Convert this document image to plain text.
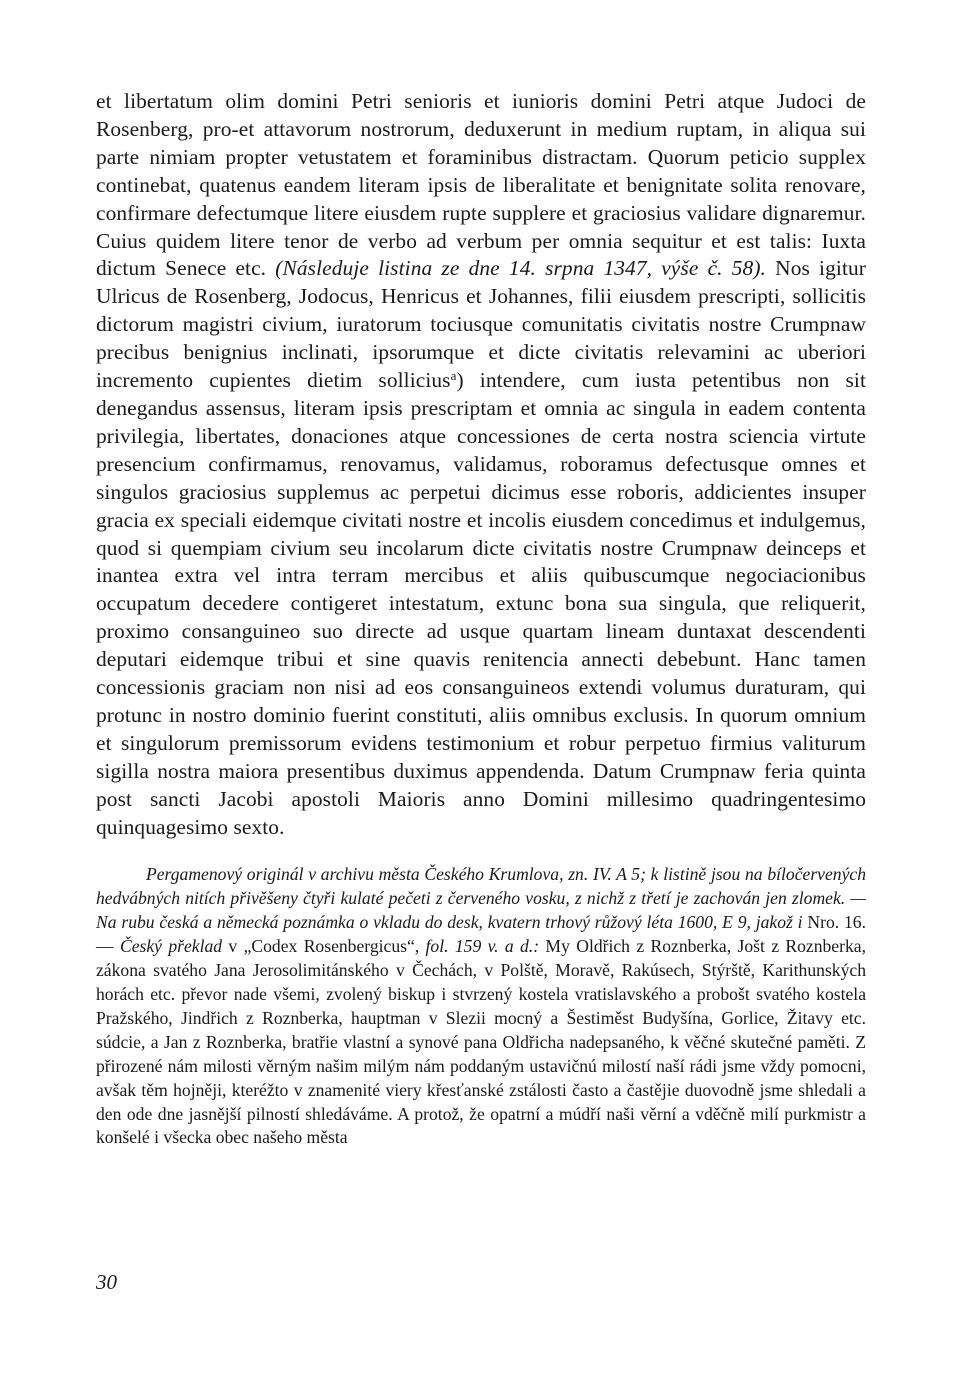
et libertatum olim domini Petri senioris et iunioris domini Petri atque Judoci de Rosenberg, pro-et attavorum nostrorum, deduxerunt in medium ruptam, in aliqua sui parte nimiam propter vetustatem et foraminibus distractam. Quorum peticio supplex continebat, quatenus eandem literam ipsis de liberalitate et benignitate solita renovare, confirmare defectumque litere eiusdem rupte supplere et graciosius validare dignaremur. Cuius quidem litere tenor de verbo ad verbum per omnia sequitur et est talis: Iuxta dictum Senece etc. (Následuje listina ze dne 14. srpna 1347, výše č. 58). Nos igitur Ulricus de Rosenberg, Jodocus, Henricus et Johannes, filii eiusdem prescripti, sollicitis dictorum magistri civium, iuratorum tociusque comunitatis civitatis nostre Crumpnaw precibus benignius inclinati, ipsorumque et dicte civitatis relevamini ac uberiori incremento cupientes dietim sollicius$^a$) intendere, cum iusta petentibus non sit denegandus assensus, literam ipsis prescriptam et omnia ac singula in eadem contenta privilegia, libertates, donaciones atque concessiones de certa nostra sciencia virtute presencium confirmamus, renovamus, validamus, roboramus defectusque omnes et singulos graciosius supplemus ac perpetui dicimus esse roboris, addicientes insuper gracia ex speciali eidemque civitati nostre et incolis eiusdem concedimus et indulgemus, quod si quempiam civium seu incolarum dicte civitatis nostre Crumpnaw deinceps et inantea extra vel intra terram mercibus et aliis quibuscumque negociacionibus occupatum decedere contigeret intestatum, extunc bona sua singula, que reliquerit, proximo consanguineo suo directe ad usque quartam lineam duntaxat descendenti deputari eidemque tribui et sine quavis renitencia annecti debebunt. Hanc tamen concessionis graciam non nisi ad eos consanguineos extendi volumus duraturam, qui protunc in nostro dominio fuerint constituti, aliis omnibus exclusis. In quorum omnium et singulorum premissorum evidens testimonium et robur perpetuo firmius valiturum sigilla nostra maiora presentibus duximus appendenda. Datum Crumpnaw feria quinta post sancti Jacobi apostoli Maioris anno Domini millesimo quadringentesimo quinquagesimo sexto.

Pergamenový originál v archivu města Českého Krumlova, zn. IV. A 5; k listině jsou na bíločervených hedvábných nitích přivěšeny čtyři kulaté pečeti z červeného vosku, z nichž z třetí je zachován jen zlomek. — Na rubu česká a německá poznámka o vkladu do desk, kvatern trhový růžový léta 1600, E 9, jakož i Nro. 16. — Český překlad v „Codex Rosenbergicus“, fol. 159 v. a d.: My Oldřich z Roznberka, Jošt z Roznberka, zákona svatého Jana Jerosolimitánského v Čechách, v Polště, Moravě, Rakúsech, Stýrště, Karithunských horách etc. převor nade všemi, zvolený biskup i stvrzený kostela vratislavského a probošt svatého kostela Pražského, Jindřich z Roznberka, hauptman v Slezii mocný a Šestiměst Budyšína, Gorlice, Žitavy etc. súdcie, a Jan z Roznberka, bratřie vlastní a synové pana Oldřicha nadepsaného, k věčné skutečné paměti. Z přirozené nám milosti věrným našim milým nám poddaným ustavičnú milostí naší rádi jsme vždy pomocni, avšak těm hojněji, kteréžto v znamenité viery křesťanské zstálosti často a častějie duovodně jsme shledali a den ode dne jasnější pilností shledáváme. A protož, že opatrní a múdří naši věrní a vděčně milí purkmistr a konšelé i všecka obec našeho města

30
